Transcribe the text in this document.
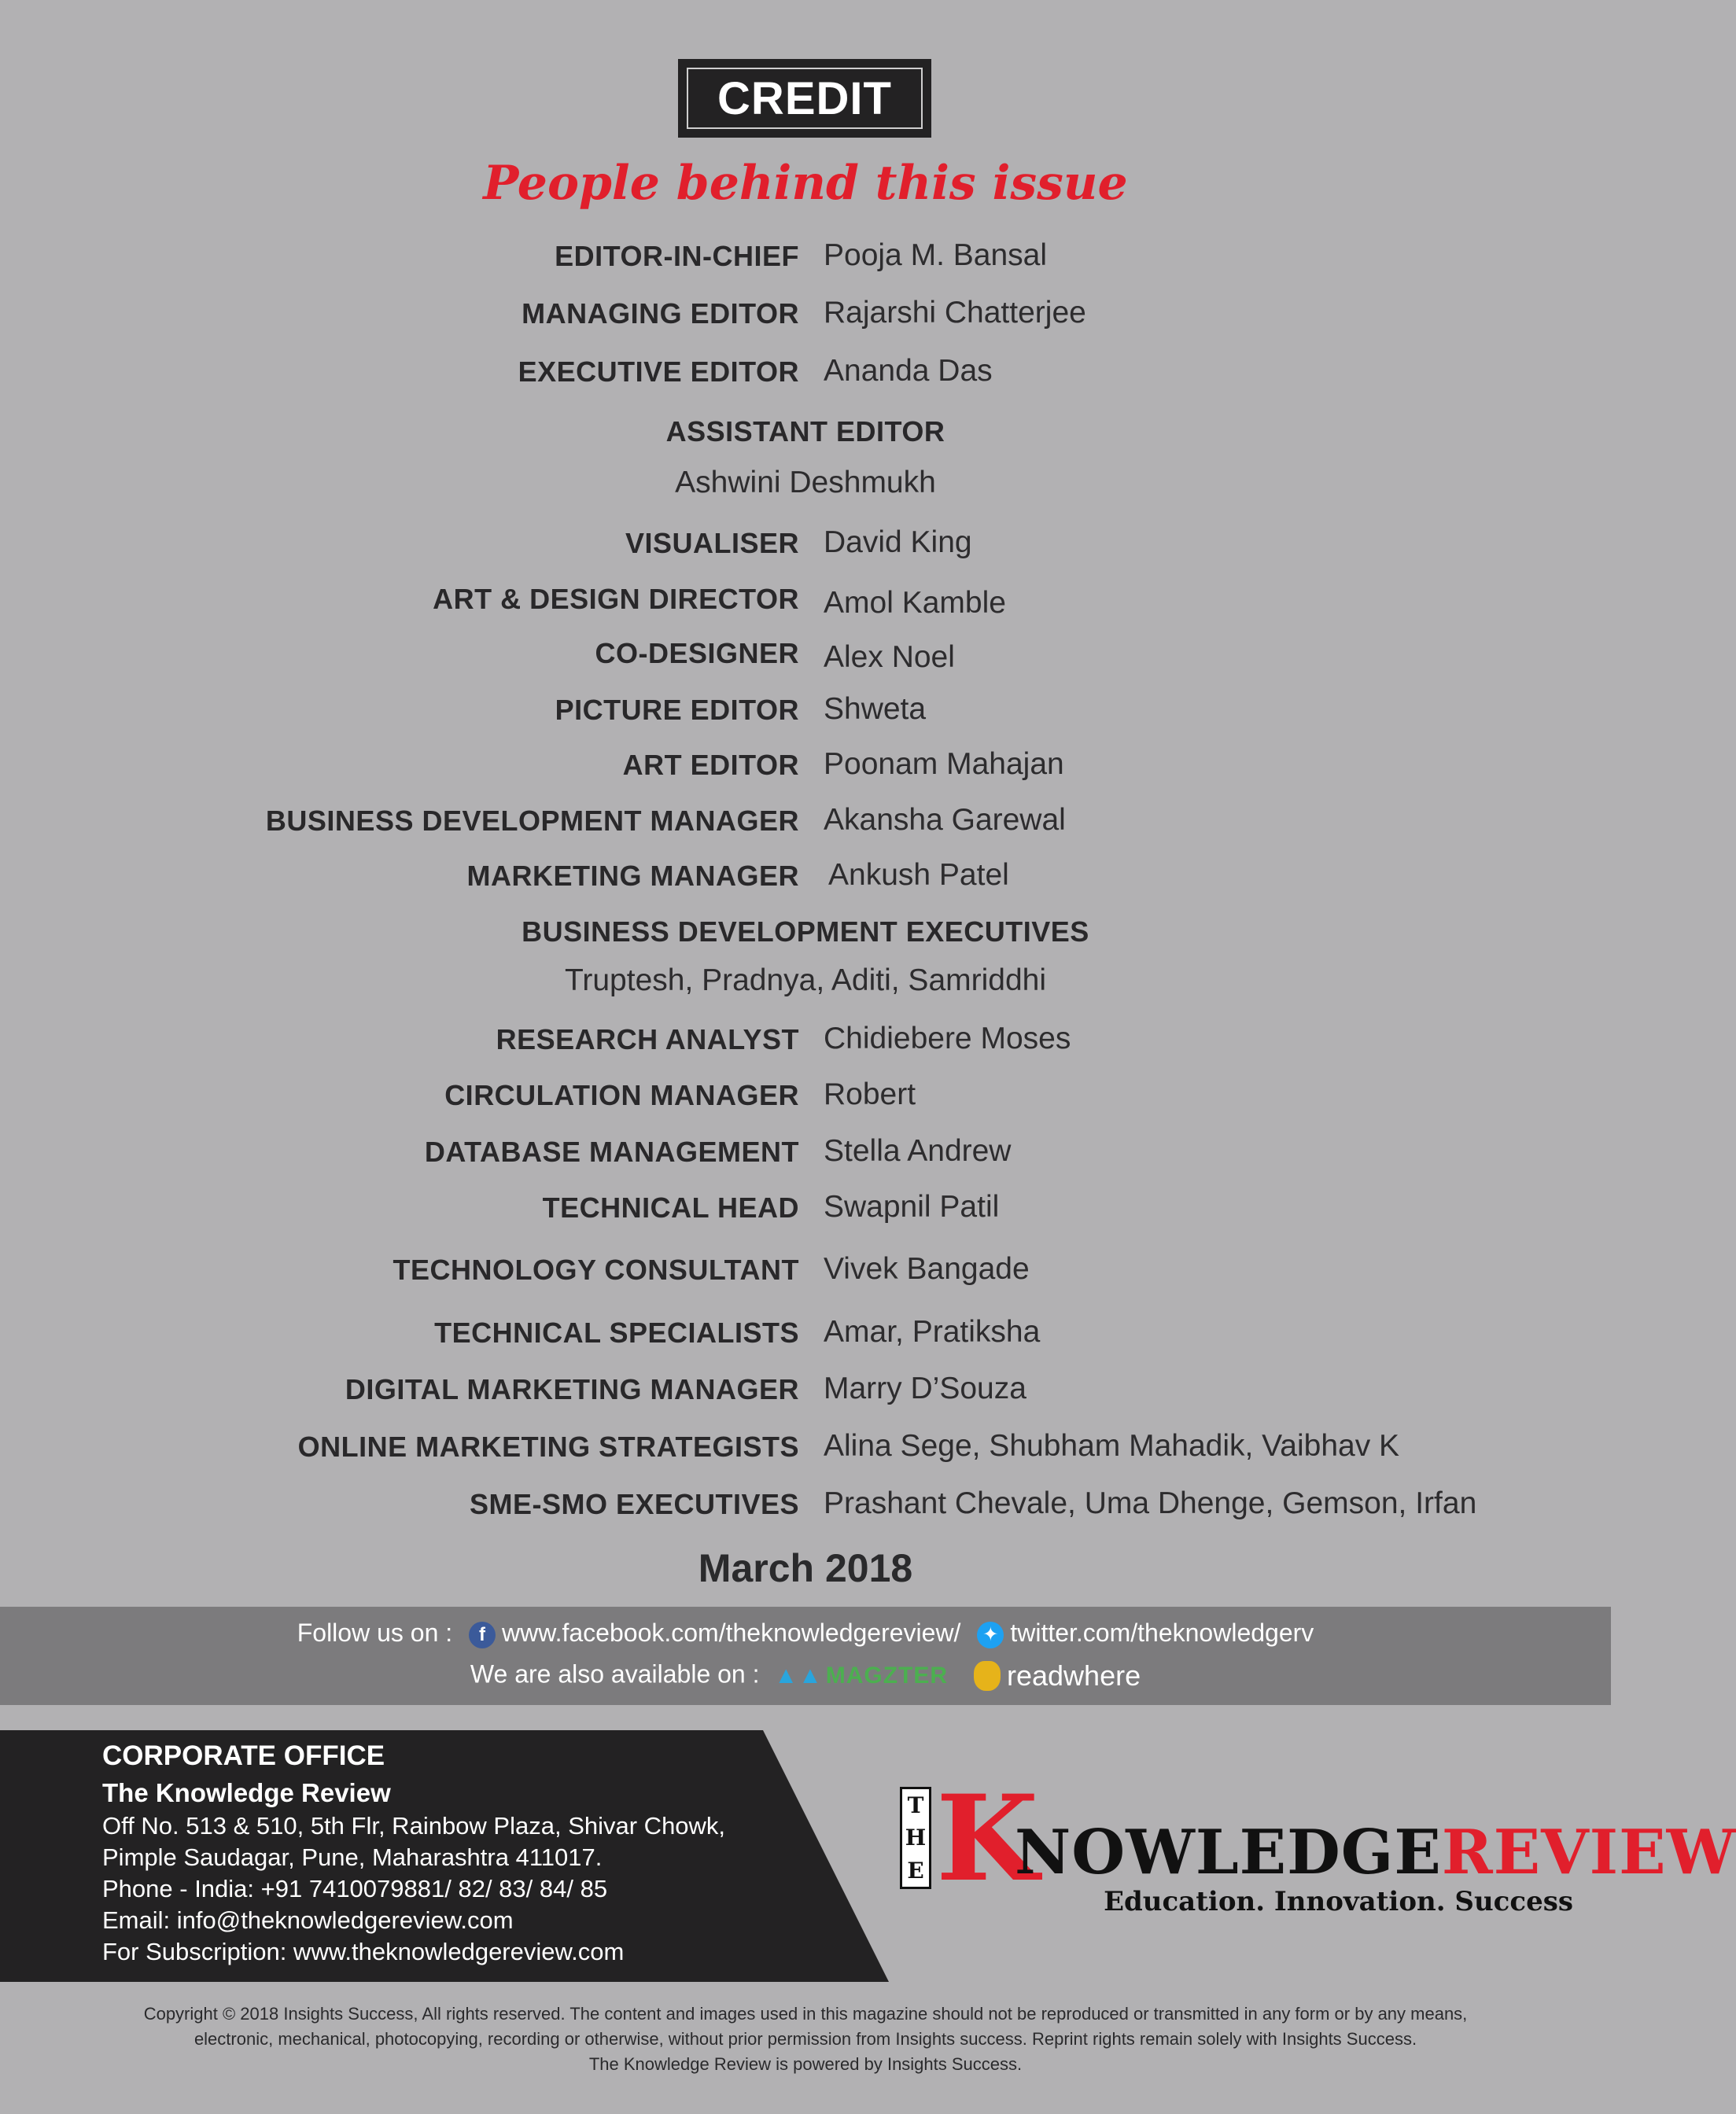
CREDIT
People behind this issue
EDITOR-IN-CHIEF Pooja M. Bansal
MANAGING EDITOR Rajarshi Chatterjee
EXECUTIVE EDITOR Ananda Das
ASSISTANT EDITOR
Ashwini Deshmukh
VISUALISER David King
ART & DESIGN DIRECTOR Amol Kamble
CO-DESIGNER Alex Noel
PICTURE EDITOR Shweta
ART EDITOR Poonam Mahajan
BUSINESS DEVELOPMENT MANAGER Akansha Garewal
MARKETING MANAGER Ankush Patel
BUSINESS DEVELOPMENT EXECUTIVES
Truptesh, Pradnya, Aditi, Samriddhi
RESEARCH ANALYST Chidiebere Moses
CIRCULATION MANAGER Robert
DATABASE MANAGEMENT Stella Andrew
TECHNICAL HEAD Swapnil Patil
TECHNOLOGY CONSULTANT Vivek Bangade
TECHNICAL SPECIALISTS Amar, Pratiksha
DIGITAL MARKETING MANAGER Marry D’Souza
ONLINE MARKETING STRATEGISTS Alina Sege, Shubham Mahadik, Vaibhav K
SME-SMO EXECUTIVES Prashant Chevale, Uma Dhenge, Gemson, Irfan
March 2018
Follow us on : f www.facebook.com/theknowledgereview/ ✦ twitter.com/theknowledgerv
We are also available on : ▲▲ MAGZTER readwhere
CORPORATE OFFICE
The Knowledge Review
Off No. 513 & 510, 5th Flr, Rainbow Plaza, Shivar Chowk,
Pimple Saudagar, Pune, Maharashtra 411017.
Phone - India: +91 7410079881/ 82/ 83/ 84/ 85
Email: info@theknowledgereview.com
For Subscription: www.theknowledgereview.com
T
H
E K
NOWLEDGEREVIEW
Education. Innovation. Success
Copyright © 2018 Insights Success, All rights reserved. The content and images used in this magazine should not be reproduced or transmitted in any form or by any means,
electronic, mechanical, photocopying, recording or otherwise, without prior permission from Insights success. Reprint rights remain solely with Insights Success.
The Knowledge Review is powered by Insights Success.
